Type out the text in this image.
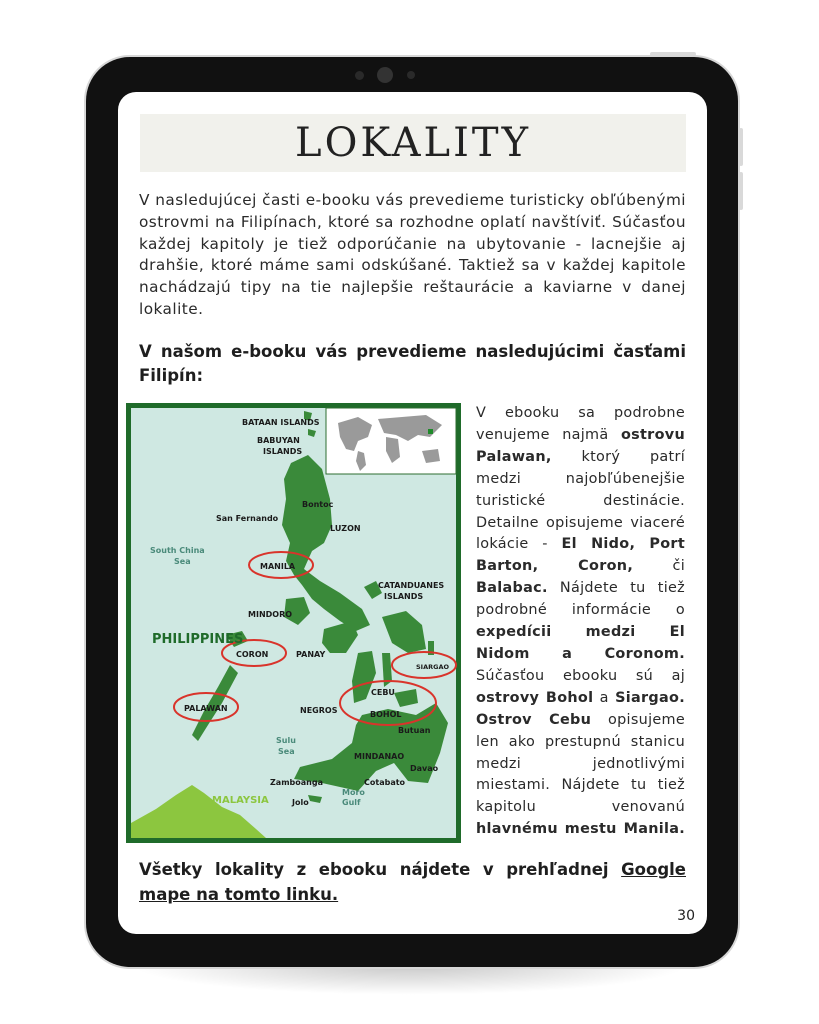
LOKALITY

V nasledujúcej časti e-booku vás prevedieme turisticky obľúbenými ostrovmi na Filipínach, ktoré sa rozhodne oplatí navštíviť. Súčasťou každej kapitoly je tiež odporúčanie na ubytovanie - lacnejšie aj drahšie, ktoré máme sami odskúšané. Taktiež sa v každej kapitole nachádzajú tipy na tie najlepšie reštaurácie a kaviarne v danej lokalite.

V našom e-booku vás prevedieme nasledujúcimi časťami Filipín:

BATAAN ISLANDS
BABUYAN
ISLANDS
Bontoc
San Fernando
LUZON
South China
Sea
MANILA
CATANDUANES
ISLANDS
MINDORO
PHILIPPINES
CORON	PANAY
SIARGAO
PALAWAN	NEGROS
CEBU
BOHOL
Butuan
Sulu
Sea
MINDANAO
Davao
Zamboanga	Cotabato
MALAYSIA	Jolo
Moro
Gulf

V ebooku sa podrobne venujeme najmä ostrovu Palawan, ktorý patrí medzi najobľúbenejšie turistické destinácie. Detailne opisujeme viaceré lokácie - El Nido, Port Barton, Coron, či Balabac. Nájdete tu tiež podrobné informácie o expedícii medzi El Nidom a Coronom. Súčasťou ebooku sú aj ostrovy Bohol a Siargao. Ostrov Cebu opisujeme len ako prestupnú stanicu medzi jednotlivými miestami. Nájdete tu tiež kapitolu venovanú hlavnému mestu Manila.

Všetky lokality z ebooku nájdete v prehľadnej Google mape na tomto linku.

30
